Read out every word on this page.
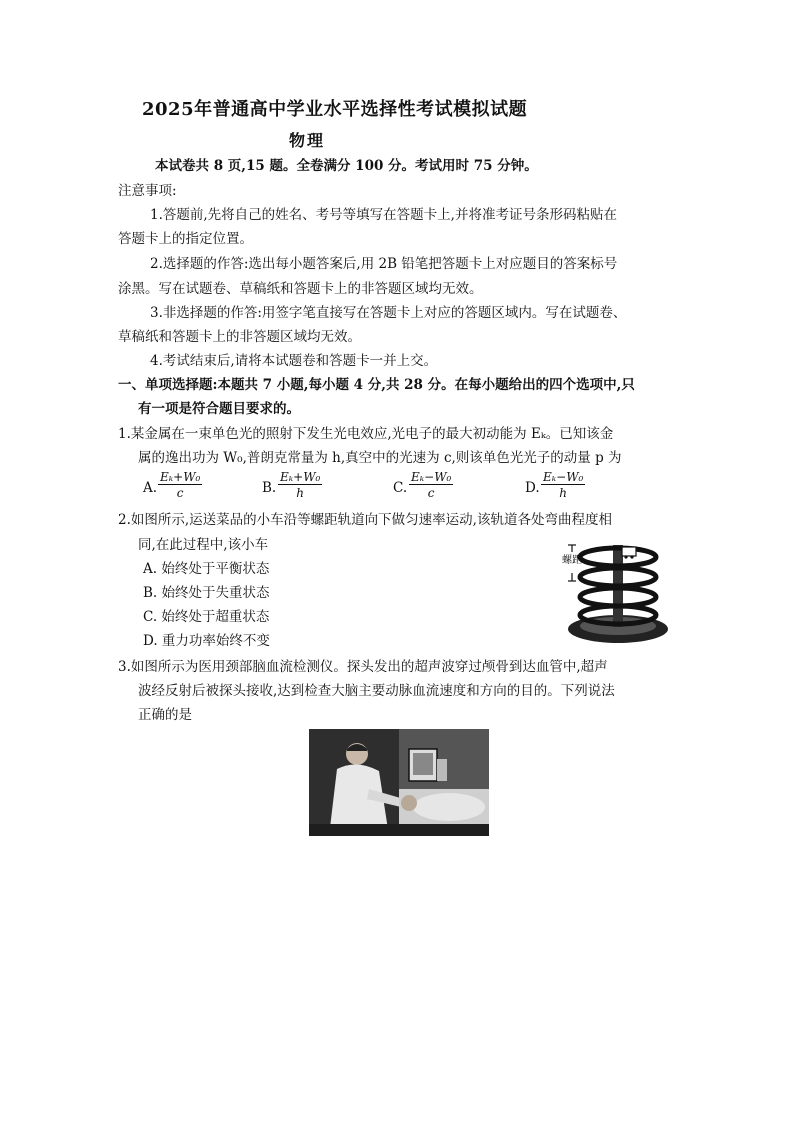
2025年普通高中学业水平选择性考试模拟试题
物理
本试卷共 8 页,15 题。全卷满分 100 分。考试用时 75 分钟。
注意事项:
1.答题前,先将自己的姓名、考号等填写在答题卡上,并将准考证号条形码粘贴在
答题卡上的指定位置。
2.选择题的作答:选出每小题答案后,用 2B 铅笔把答题卡上对应题目的答案标号
涂黑。写在试题卷、草稿纸和答题卡上的非答题区域均无效。
3.非选择题的作答:用签字笔直接写在答题卡上对应的答题区域内。写在试题卷、
草稿纸和答题卡上的非答题区域均无效。
4.考试结束后,请将本试题卷和答题卡一并上交。
一、单项选择题:本题共 7 小题,每小题 4 分,共 28 分。在每小题给出的四个选项中,只
有一项是符合题目要求的。
1.某金属在一束单色光的照射下发生光电效应,光电子的最大初动能为 Eₖ。已知该金
属的逸出功为 W₀,普朗克常量为 h,真空中的光速为 c,则该单色光光子的动量 p 为
A. $\frac{\text{Eₖ+W₀}}{c}$	B. $\frac{\text{Eₖ+W₀}}{h}$	C. $\frac{\text{Eₖ−W₀}}{c}$	D. $\frac{\text{Eₖ−W₀}}{h}$
2.如图所示,运送菜品的小车沿等螺距轨道向下做匀速率运动,该轨道各处弯曲程度相
同,在此过程中,该小车
A. 始终处于平衡状态
B. 始终处于失重状态
C. 始终处于超重状态
D. 重力功率始终不变
螺距
3.如图所示为医用颈部脑血流检测仪。探头发出的超声波穿过颅骨到达血管中,超声
波经反射后被探头接收,达到检查大脑主要动脉血流速度和方向的目的。下列说法
正确的是
